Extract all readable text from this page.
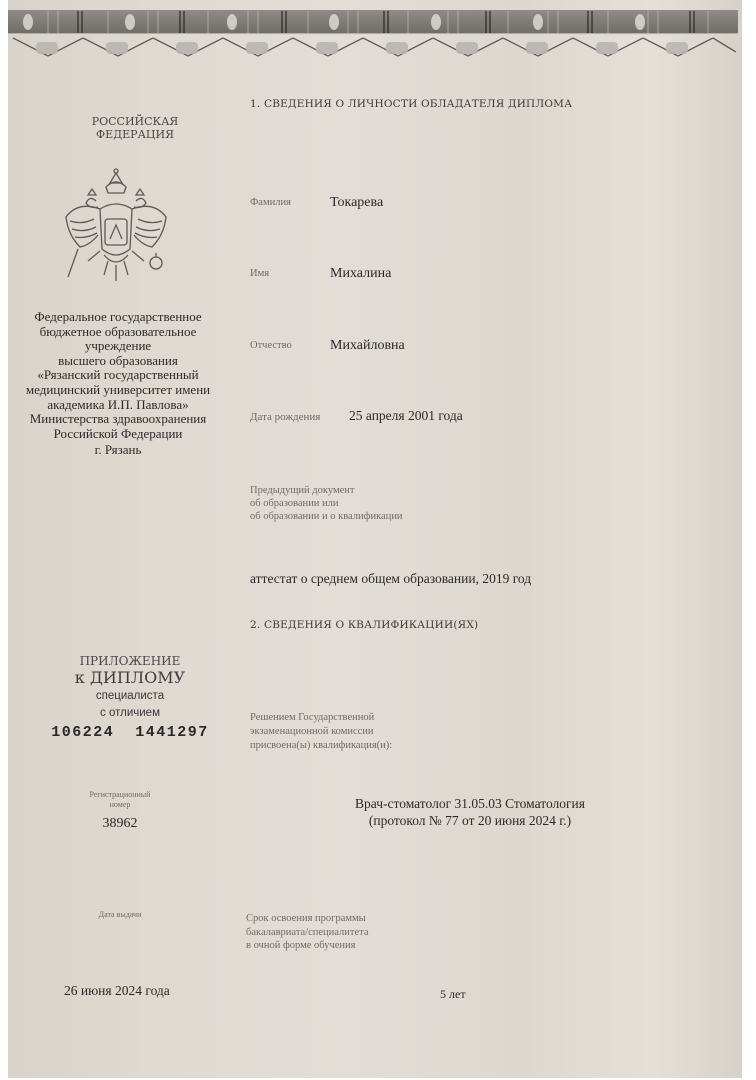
РОССИЙСКАЯ
ФЕДЕРАЦИЯ
Федеральное государственное
бюджетное образовательное
учреждение
высшего образования
«Рязанский государственный
медицинский университет имени
академика И.П. Павлова»
Министерства здравоохранения
Российской Федерации
г. Рязань
ПРИЛОЖЕНИЕ
к ДИПЛОМУ
специалиста
с отличием
106224  1441297
Регистрационный
номер
38962
Дата выдачи
26 июня 2024 года
1. СВЕДЕНИЯ О ЛИЧНОСТИ ОБЛАДАТЕЛЯ ДИПЛОМА
Фамилия	Токарева
Имя	Михалина
Отчество	Михайловна
Дата рождения 25 апреля 2001 года
Предыдущий документ
об образовании или
об образовании и о квалификации
аттестат о среднем общем образовании, 2019 год
2. СВЕДЕНИЯ О КВАЛИФИКАЦИИ(ЯХ)
Решением Государственной
экзаменационной комиссии
присвоена(ы) квалификация(и):
Врач-стоматолог 31.05.03 Стоматология
(протокол № 77 от 20 июня 2024 г.)
Срок освоения программы
бакалавриата/специалитета
в очной форме обучения
5 лет
